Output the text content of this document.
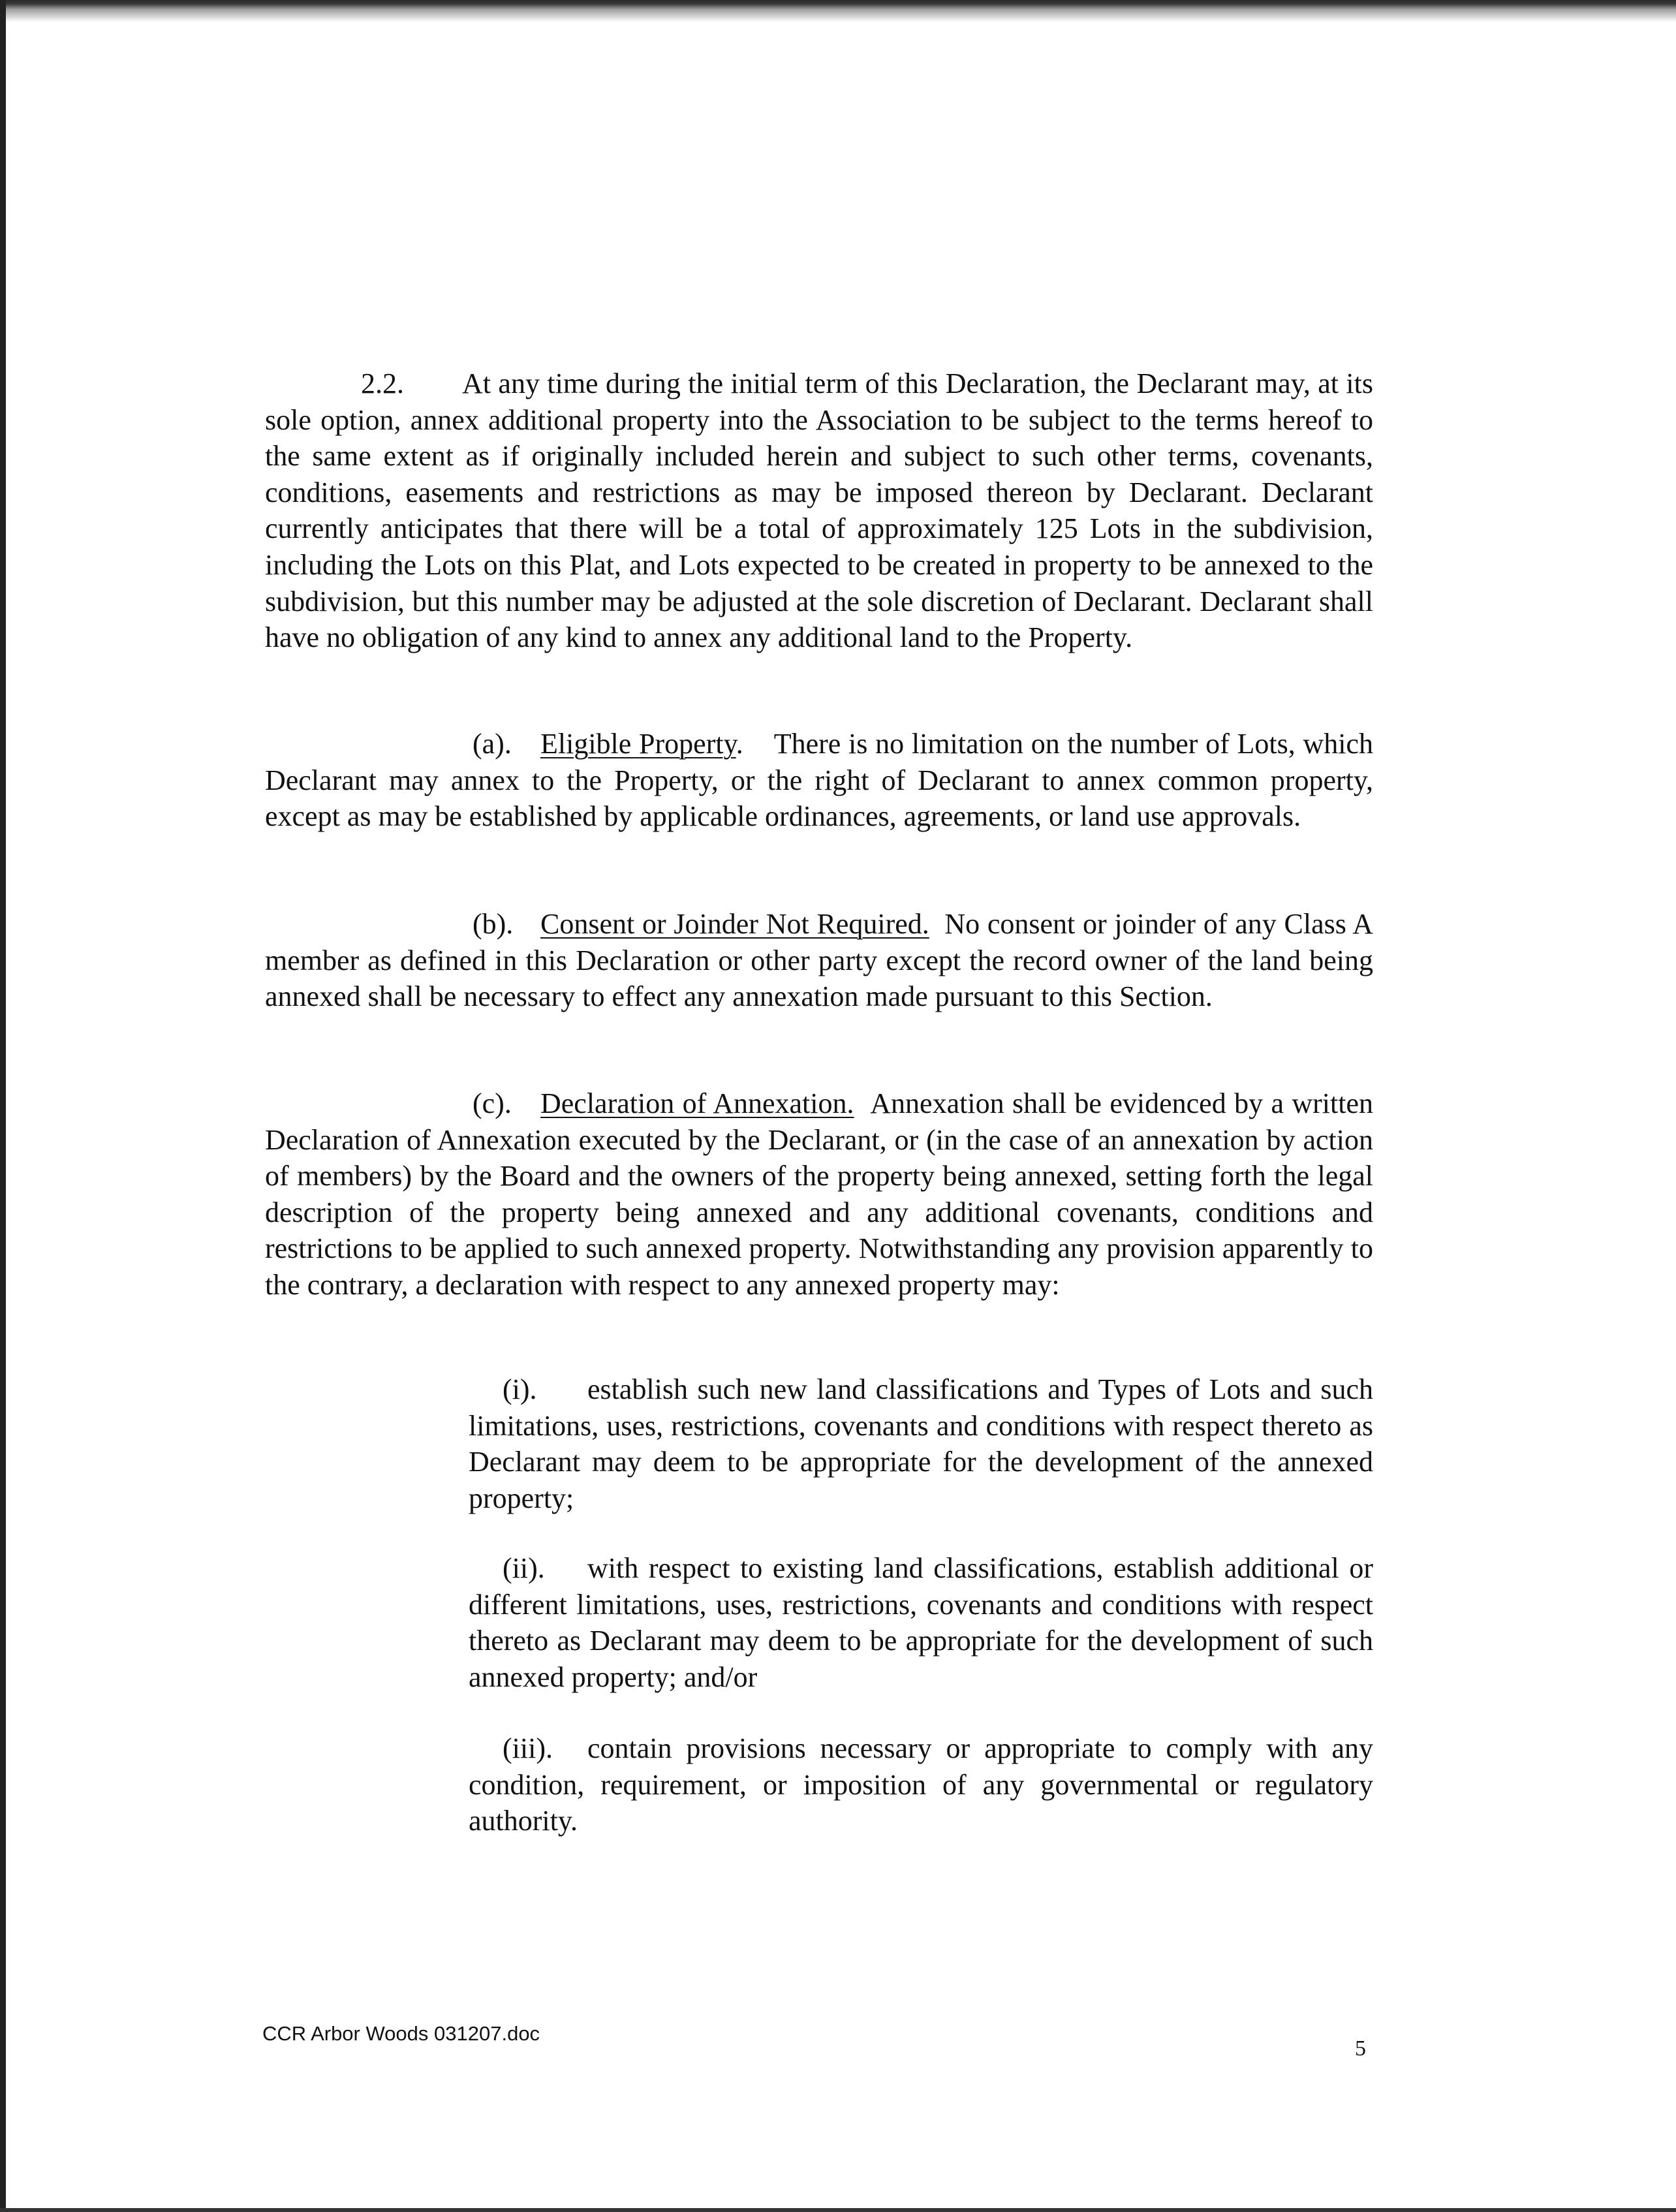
2.2. At any time during the initial term of this Declaration, the Declarant may, at its sole option, annex additional property into the Association to be subject to the terms hereof to the same extent as if originally included herein and subject to such other terms, covenants, conditions, easements and restrictions as may be imposed thereon by Declarant. Declarant currently anticipates that there will be a total of approximately 125 Lots in the subdivision, including the Lots on this Plat, and Lots expected to be created in property to be annexed to the subdivision, but this number may be adjusted at the sole discretion of Declarant. Declarant shall have no obligation of any kind to annex any additional land to the Property.
(a). Eligible Property. There is no limitation on the number of Lots, which Declarant may annex to the Property, or the right of Declarant to annex common property, except as may be established by applicable ordinances, agreements, or land use approvals.
(b). Consent or Joinder Not Required. No consent or joinder of any Class A member as defined in this Declaration or other party except the record owner of the land being annexed shall be necessary to effect any annexation made pursuant to this Section.
(c). Declaration of Annexation. Annexation shall be evidenced by a written Declaration of Annexation executed by the Declarant, or (in the case of an annexation by action of members) by the Board and the owners of the property being annexed, setting forth the legal description of the property being annexed and any additional covenants, conditions and restrictions to be applied to such annexed property. Notwithstanding any provision apparently to the contrary, a declaration with respect to any annexed property may:
(i). establish such new land classifications and Types of Lots and such limitations, uses, restrictions, covenants and conditions with respect thereto as Declarant may deem to be appropriate for the development of the annexed property;
(ii). with respect to existing land classifications, establish additional or different limitations, uses, restrictions, covenants and conditions with respect thereto as Declarant may deem to be appropriate for the development of such annexed property; and/or
(iii). contain provisions necessary or appropriate to comply with any condition, requirement, or imposition of any governmental or regulatory authority.
CCR Arbor Woods 031207.doc
5
